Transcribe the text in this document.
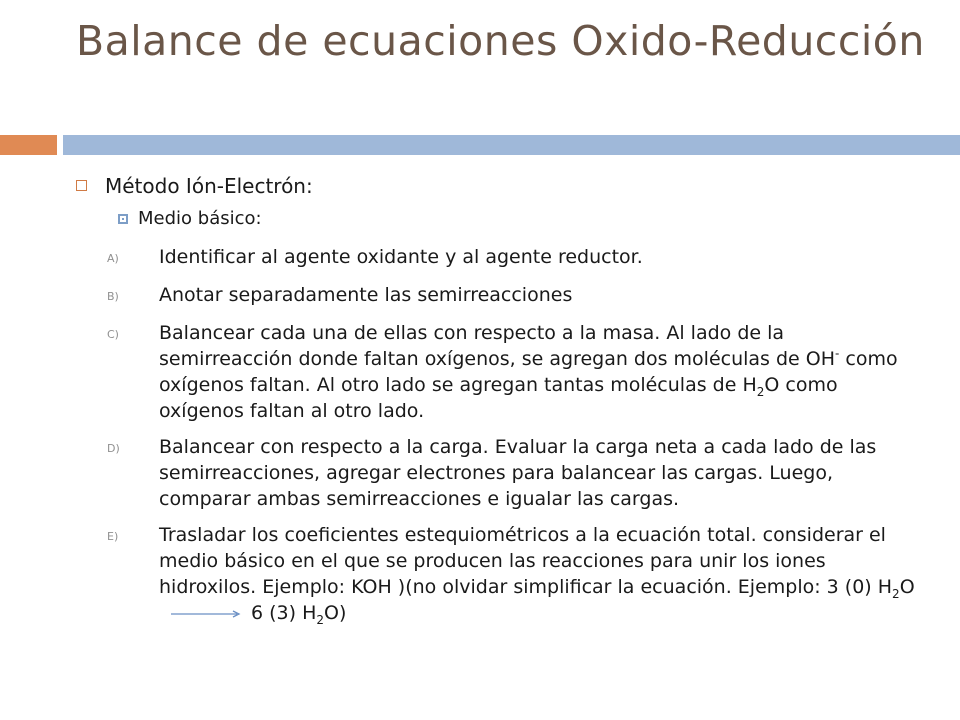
Balance de ecuaciones Oxido-Reducción
Método Ión-Electrón:
Medio básico:
A)	Identificar al agente oxidante y al agente reductor.
B)	Anotar separadamente las semirreacciones
C)	Balancear cada una de ellas con respecto a la masa. Al lado de la semirreacción donde faltan oxígenos, se agregan dos moléculas de OH- como oxígenos faltan. Al otro lado se agregan tantas moléculas de $H_2O$ como oxígenos faltan al otro lado.
D)	Balancear con respecto a la carga. Evaluar la carga neta a cada lado de las semirreacciones, agregar electrones para balancear las cargas. Luego, comparar ambas semirreacciones e igualar las cargas.
E)	Trasladar los coeficientes estequiométricos a la ecuación total. considerar el medio básico en el que se producen las reacciones para unir los iones hidroxilos. Ejemplo: KOH )(no olvidar simplificar la ecuación. Ejemplo: 3 (0) $H_2O\to 6$ (3) $H_2O$)
